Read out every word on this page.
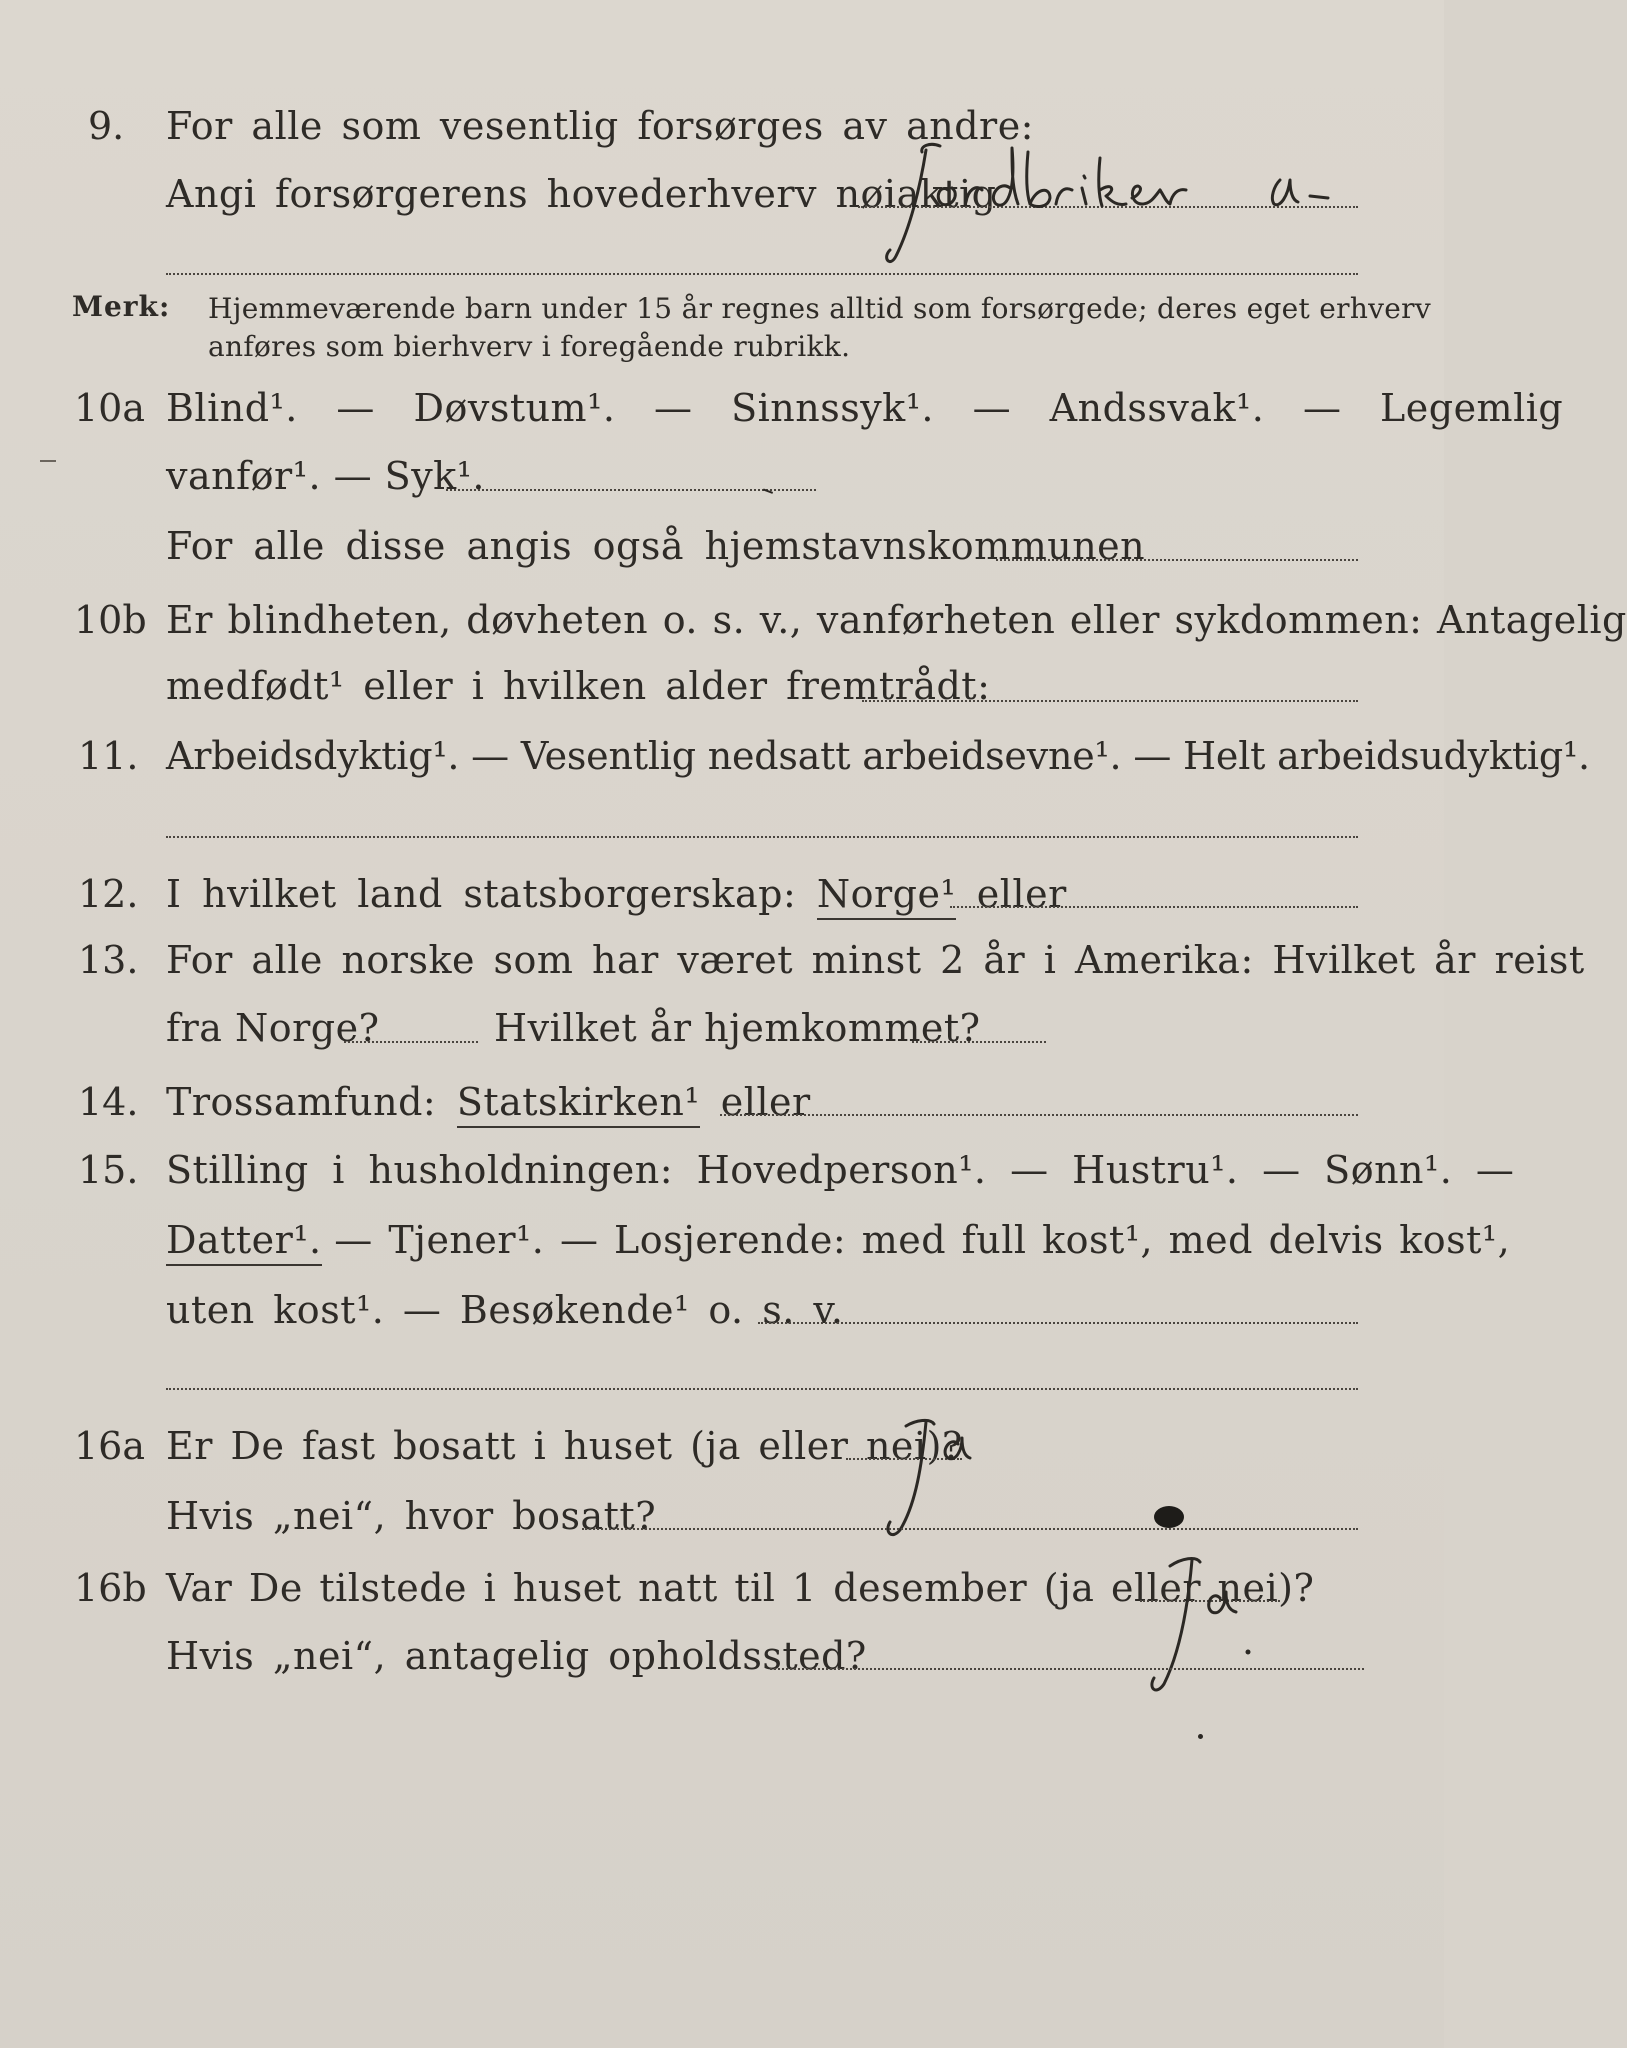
9. For alle som vesentlig forsørges av andre:
Angi forsørgerens hovederhverv nøiaktig
Merk: Hjemmeværende barn under 15 år regnes alltid som forsørgede; deres eget erhverv
anføres som bierhverv i foregående rubrikk.
10a Blind¹. — Døvstum¹. — Sinnssyk¹. — Andssvak¹. — Legemlig
vanfør¹. — Syk¹.
For alle disse angis også hjemstavnskommunen
10b Er blindheten, døvheten o. s. v., vanførheten eller sykdommen: Antagelig
medfødt¹ eller i hvilken alder fremtrådt:
11. Arbeidsdyktig¹. — Vesentlig nedsatt arbeidsevne¹. — Helt arbeidsudyktig¹.
12. I hvilket land statsborgerskap: Norge¹ eller
13. For alle norske som har været minst 2 år i Amerika: Hvilket år reist
fra Norge?	Hvilket år hjemkommet?
14. Trossamfund: Statskirken¹ eller
15. Stilling i husholdningen: Hovedperson¹. — Hustru¹. — Sønn¹. —
Datter¹. — Tjener¹. — Losjerende: med full kost¹, med delvis kost¹,
uten kost¹. — Besøkende¹ o. s. v.
16a Er De fast bosatt i huset (ja eller nei)?
Hvis „nei“, hvor bosatt?
16b Var De tilstede i huset natt til 1 desember (ja eller nei)?
Hvis „nei“, antagelig opholdssted?
